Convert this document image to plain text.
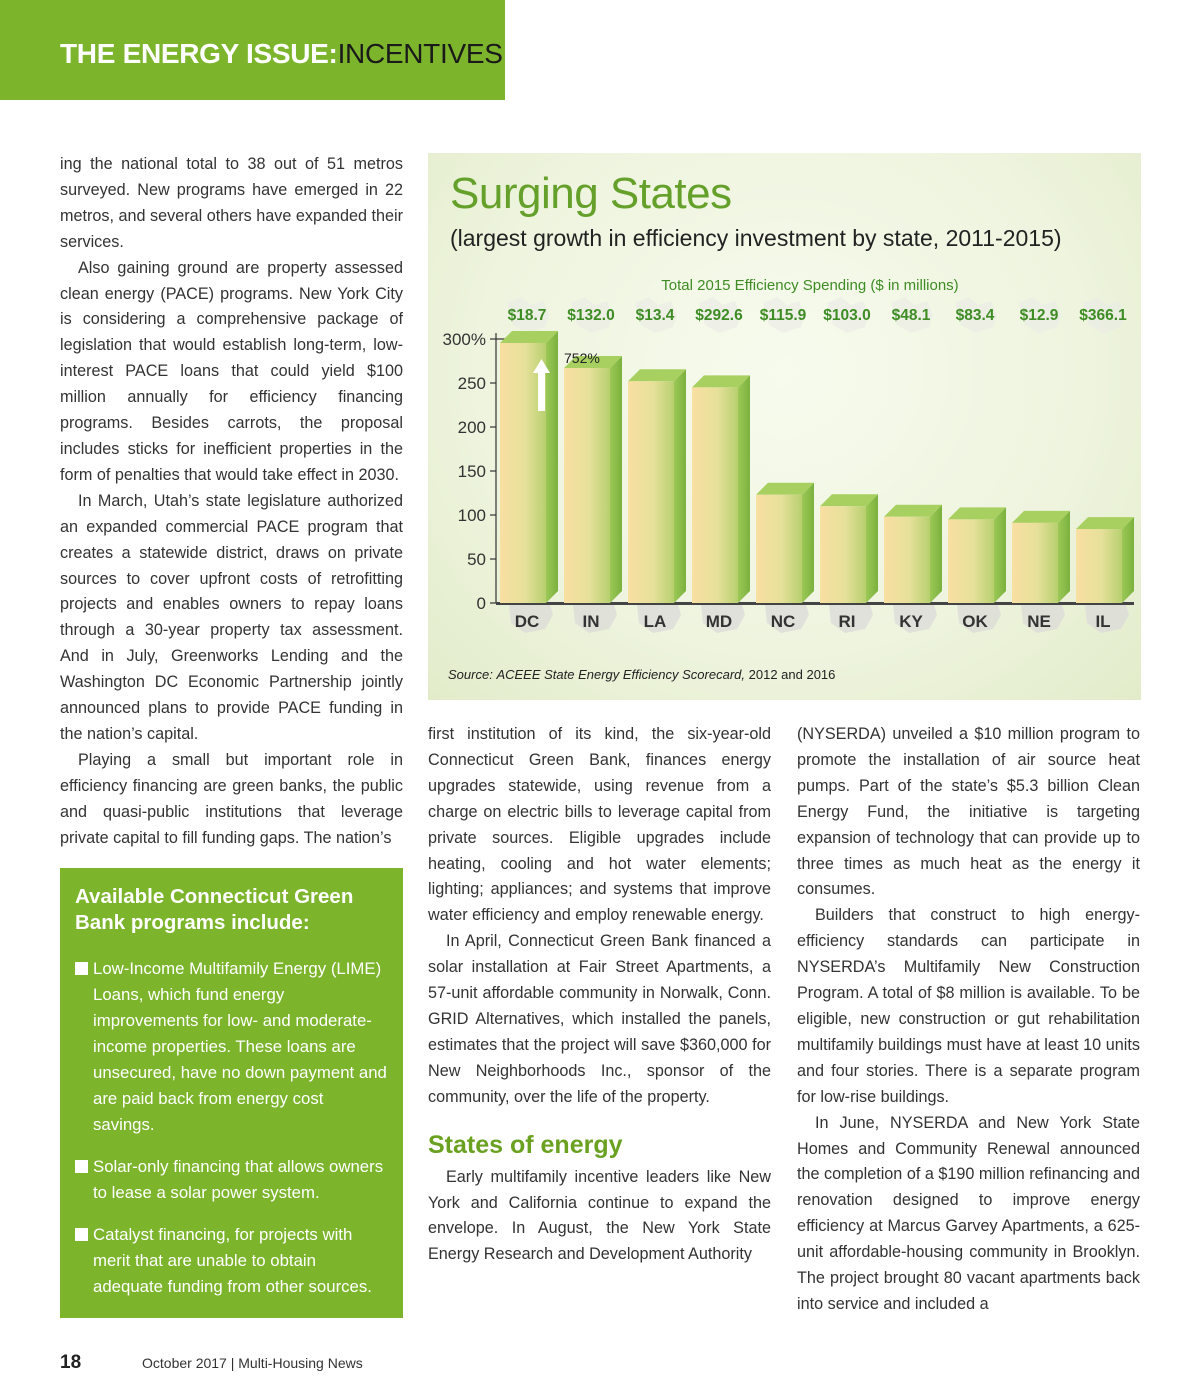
THE ENERGY ISSUE:INCENTIVES

ing the national total to 38 out of 51 metros surveyed. New programs have emerged in 22 metros, and several others have expanded their services.

Also gaining ground are property assessed clean energy (PACE) programs. New York City is considering a comprehensive package of legislation that would establish long-term, low-interest PACE loans that could yield $100 million annually for efficiency financing programs. Besides carrots, the proposal includes sticks for inefficient properties in the form of penalties that would take effect in 2030.

In March, Utah’s state legislature authorized an expanded commercial PACE program that creates a statewide district, draws on private sources to cover upfront costs of retrofitting projects and enables owners to repay loans through a 30-year property tax assessment. And in July, Greenworks Lending and the Washington DC Economic Partnership jointly announced plans to provide PACE funding in the nation’s capital.

Playing a small but important role in efficiency financing are green banks, the public and quasi-public institutions that leverage private capital to fill funding gaps. The nation’s

Available Connecticut Green Bank programs include:
Low-Income Multifamily Energy (LIME) Loans, which fund energy improvements for low- and moderate-income properties. These loans are unsecured, have no down payment and are paid back from energy cost savings.
Solar-only financing that allows owners to lease a solar power system.
Catalyst financing, for projects with merit that are unable to obtain adequate funding from other sources.
Surging States
(largest growth in efficiency investment by state, 2011-2015)
Total 2015 Efficiency Spending ($ in millions)
0
50
100
150
200
250
300%
752%
$18.7
DC
$132.0
IN
$13.4
LA
$292.6
MD
$115.9
NC
$103.0
RI
$48.1
KY
$83.4
OK
$12.9
NE
$366.1
IL
Source: ACEEE State Energy Efficiency Scorecard, 2012 and 2016

first institution of its kind, the six-year-old Connecticut Green Bank, finances energy upgrades statewide, using revenue from a charge on electric bills to leverage capital from private sources. Eligible upgrades include heating, cooling and hot water elements; lighting; appliances; and systems that improve water efficiency and employ renewable energy.

In April, Connecticut Green Bank financed a solar installation at Fair Street Apartments, a 57-unit affordable community in Norwalk, Conn. GRID Alternatives, which installed the panels, estimates that the project will save $360,000 for New Neighborhoods Inc., sponsor of the community, over the life of the property.

States of energy

Early multifamily incentive leaders like New York and California continue to expand the envelope. In August, the New York State Energy Research and Development Authority

(NYSERDA) unveiled a $10 million program to promote the installation of air source heat pumps. Part of the state’s $5.3 billion Clean Energy Fund, the initiative is targeting expansion of technology that can provide up to three times as much heat as the energy it consumes.

Builders that construct to high energy-efficiency standards can participate in NYSERDA’s Multifamily New Construction Program. A total of $8 million is available. To be eligible, new construction or gut rehabilitation multifamily buildings must have at least 10 units and four stories. There is a separate program for low-rise buildings.

In June, NYSERDA and New York State Homes and Community Renewal announced the completion of a $190 million refinancing and renovation designed to improve energy efficiency at Marcus Garvey Apartments, a 625-unit affordable-housing community in Brooklyn. The project brought 80 vacant apartments back into service and included a

18	October 2017 | Multi-Housing News
